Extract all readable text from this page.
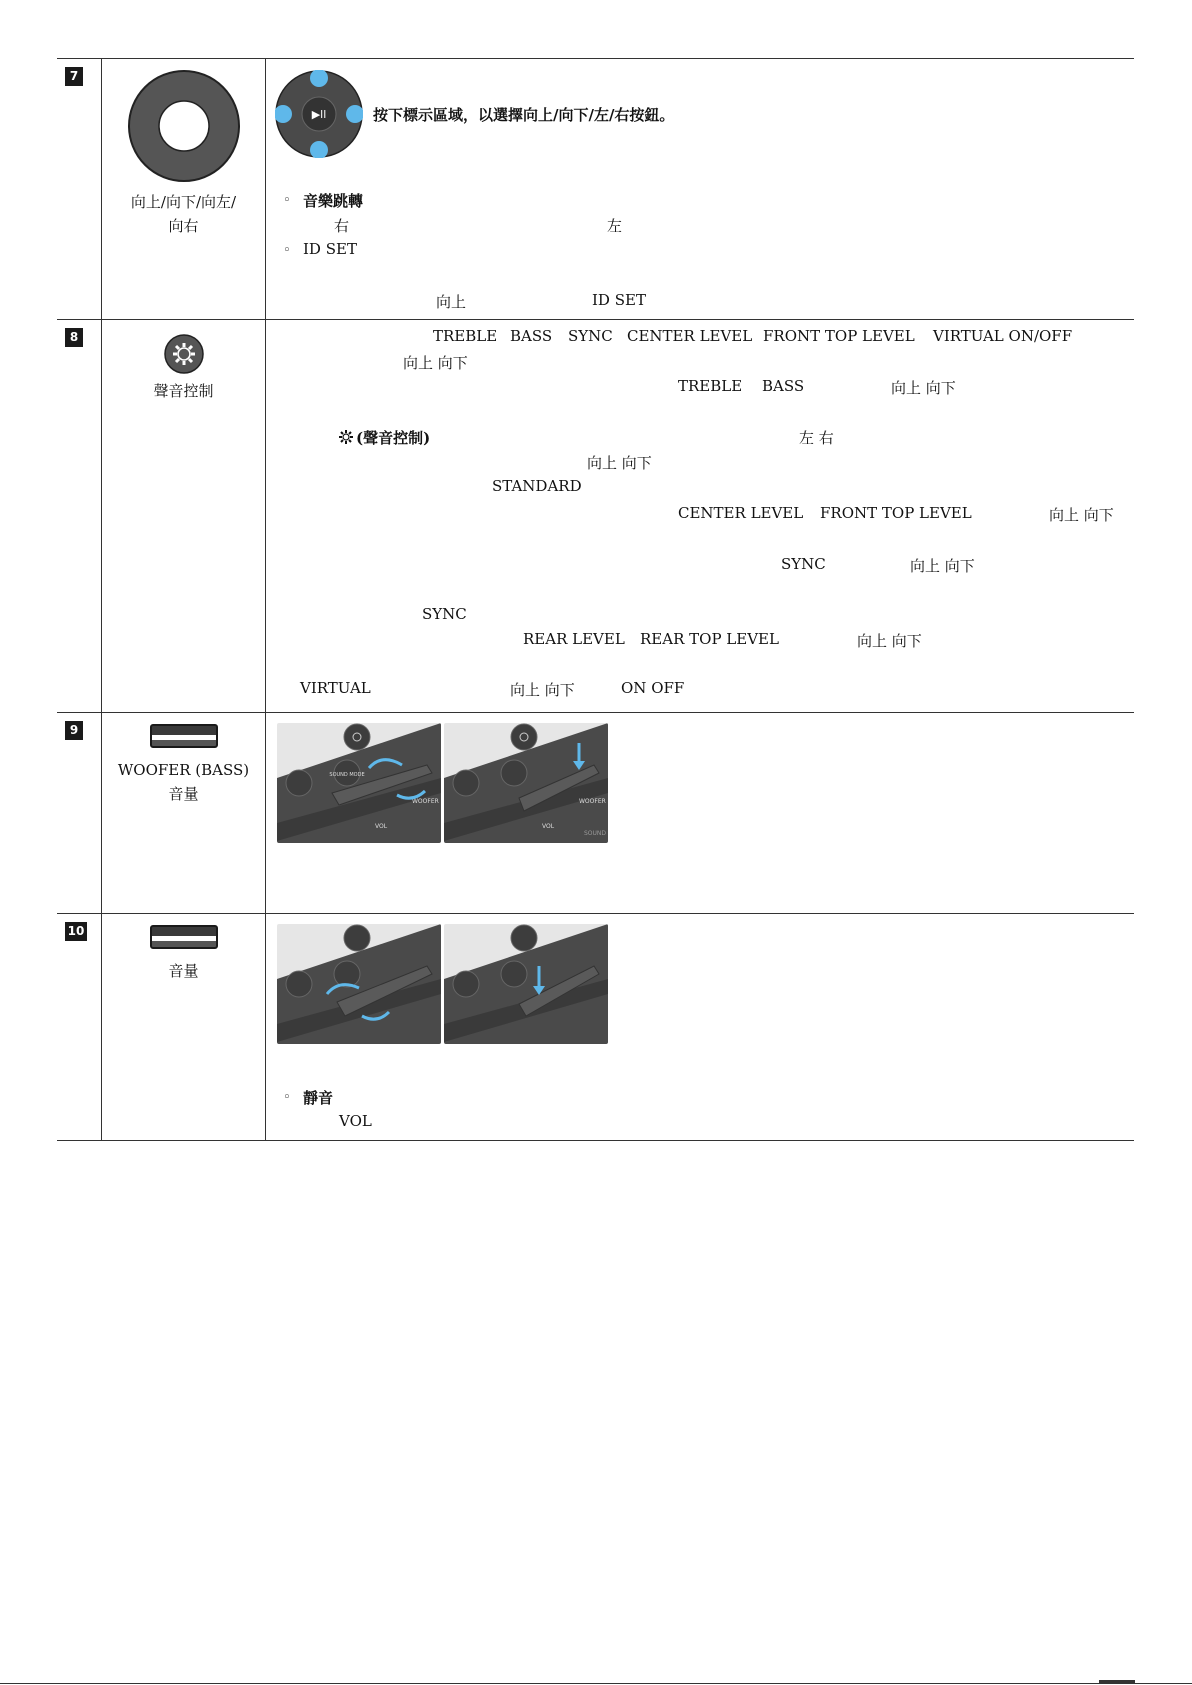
7
向上/向下/向左/
向右
▶ll	按下標示區域，以選擇向上/向下/左/右按鈕。
◦ 音樂跳轉
右	左
◦ ID SET
向上	ID SET
8
聲音控制
TREBLE BASS SYNC CENTER LEVEL FRONT TOP LEVEL VIRTUAL ON/OFF
向上 向下
TREBLE BASS	向上 向下
(聲音控制)	左 右
向上 向下
STANDARD
CENTER LEVEL FRONT TOP LEVEL	向上 向下
SYNC	向上 向下
SYNC
REAR LEVEL REAR TOP LEVEL	向上 向下
VIRTUAL	向上 向下	ON OFF
9
WOOFER (BASS)
音量
SOUND MODE
WOOFER
VOL
WOOFER
VOL
SOUND
10
音量
◦ 靜音
VOL
